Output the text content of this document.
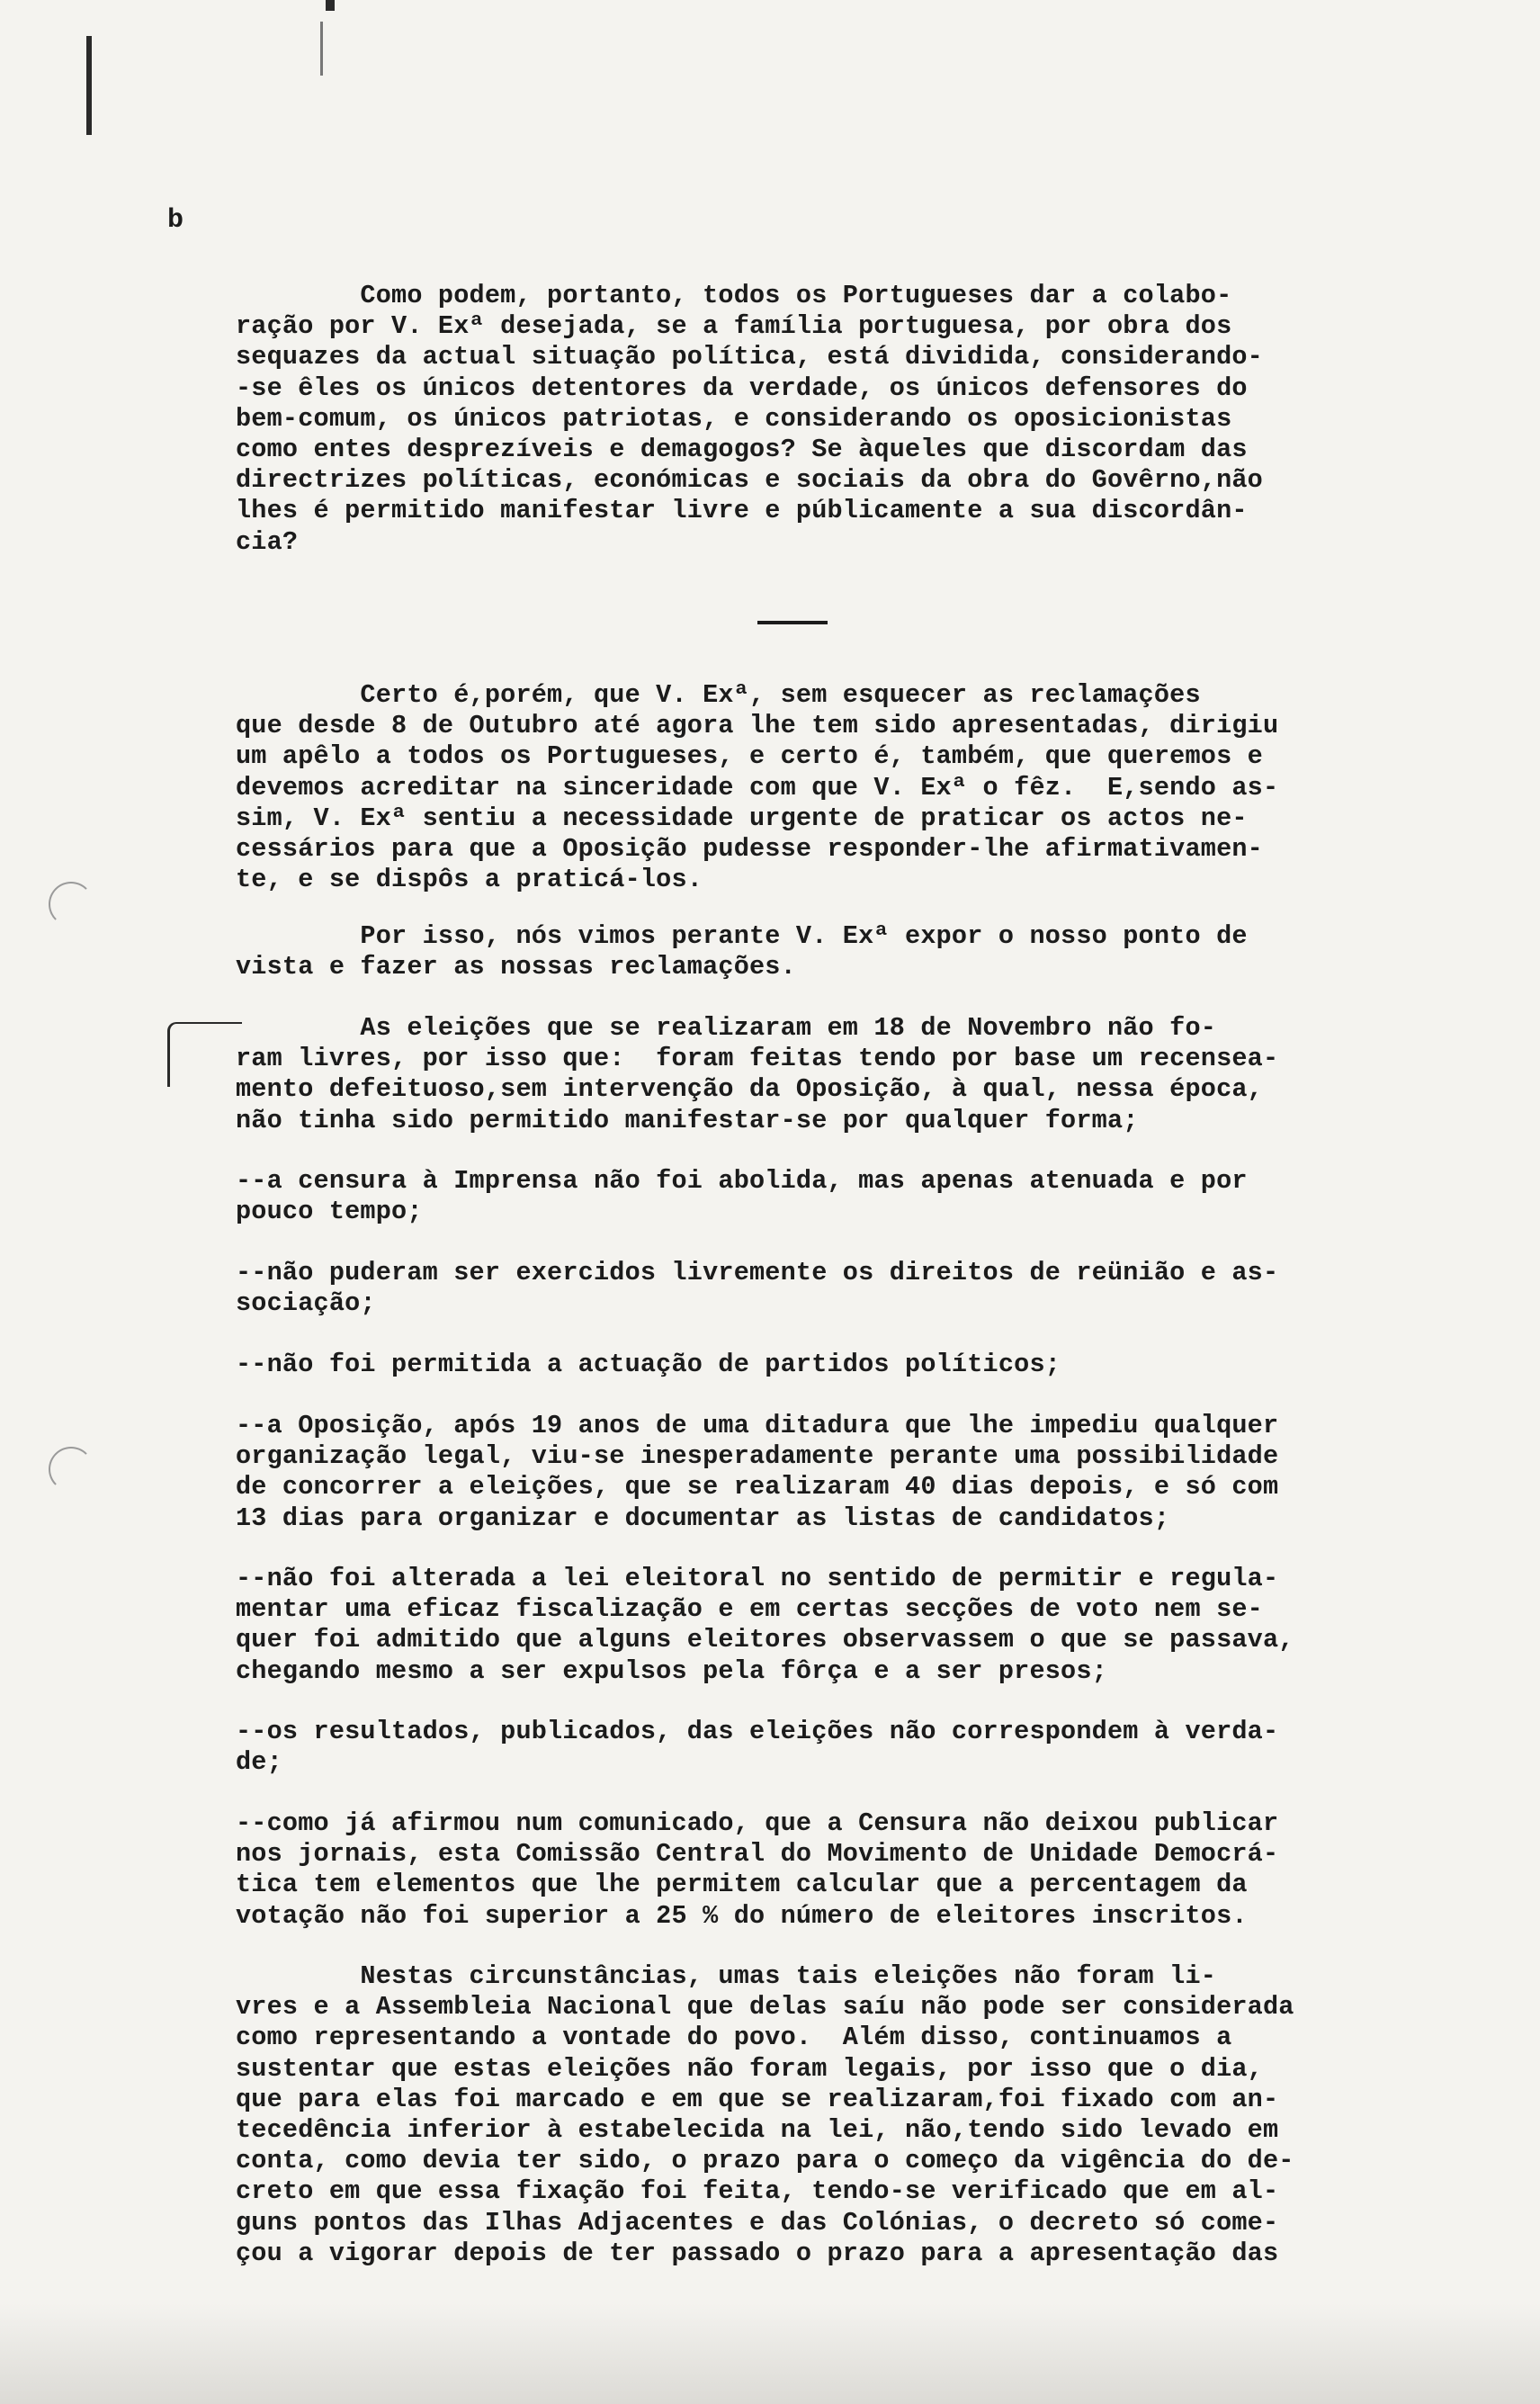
b
Como podem, portanto, todos os Portugueses dar a colabo-
ração por V. Exª desejada, se a família portuguesa, por obra dos
sequazes da actual situação política, está dividida, considerando-
-se êles os únicos detentores da verdade, os únicos defensores do
bem-comum, os únicos patriotas, e considerando os oposicionistas
como entes desprezíveis e demagogos? Se àqueles que discordam das
directrizes políticas, económicas e sociais da obra do Govêrno,não
lhes é permitido manifestar livre e públicamente a sua discordân-
cia?
Certo é,porém, que V. Exª, sem esquecer as reclamações
que desde 8 de Outubro até agora lhe tem sido apresentadas, dirigiu
um apêlo a todos os Portugueses, e certo é, também, que queremos e
devemos acreditar na sinceridade com que V. Exª o fêz.  E,sendo as-
sim, V. Exª sentiu a necessidade urgente de praticar os actos ne-
cessários para que a Oposição pudesse responder-lhe afirmativamen-
te, e se dispôs a praticá-los.
Por isso, nós vimos perante V. Exª expor o nosso ponto de
vista e fazer as nossas reclamações.
As eleições que se realizaram em 18 de Novembro não fo-
ram livres, por isso que:  foram feitas tendo por base um recensea-
mento defeituoso,sem intervenção da Oposição, à qual, nessa época,
não tinha sido permitido manifestar-se por qualquer forma;
--a censura à Imprensa não foi abolida, mas apenas atenuada e por
pouco tempo;
--não puderam ser exercidos livremente os direitos de reünião e as-
sociação;
--não foi permitida a actuação de partidos políticos;
--a Oposição, após 19 anos de uma ditadura que lhe impediu qualquer
organização legal, viu-se inesperadamente perante uma possibilidade
de concorrer a eleições, que se realizaram 40 dias depois, e só com
13 dias para organizar e documentar as listas de candidatos;
--não foi alterada a lei eleitoral no sentido de permitir e regula-
mentar uma eficaz fiscalização e em certas secções de voto nem se-
quer foi admitido que alguns eleitores observassem o que se passava,
chegando mesmo a ser expulsos pela fôrça e a ser presos;
--os resultados, publicados, das eleições não correspondem à verda-
de;
--como já afirmou num comunicado, que a Censura não deixou publicar
nos jornais, esta Comissão Central do Movimento de Unidade Democrá-
tica tem elementos que lhe permitem calcular que a percentagem da
votação não foi superior a 25 % do número de eleitores inscritos.
Nestas circunstâncias, umas tais eleições não foram li-
vres e a Assembleia Nacional que delas saíu não pode ser considerada
como representando a vontade do povo.  Além disso, continuamos a
sustentar que estas eleições não foram legais, por isso que o dia,
que para elas foi marcado e em que se realizaram,foi fixado com an-
tecedência inferior à estabelecida na lei, não,tendo sido levado em
conta, como devia ter sido, o prazo para o começo da vigência do de-
creto em que essa fixação foi feita, tendo-se verificado que em al-
guns pontos das Ilhas Adjacentes e das Colónias, o decreto só come-
çou a vigorar depois de ter passado o prazo para a apresentação das
